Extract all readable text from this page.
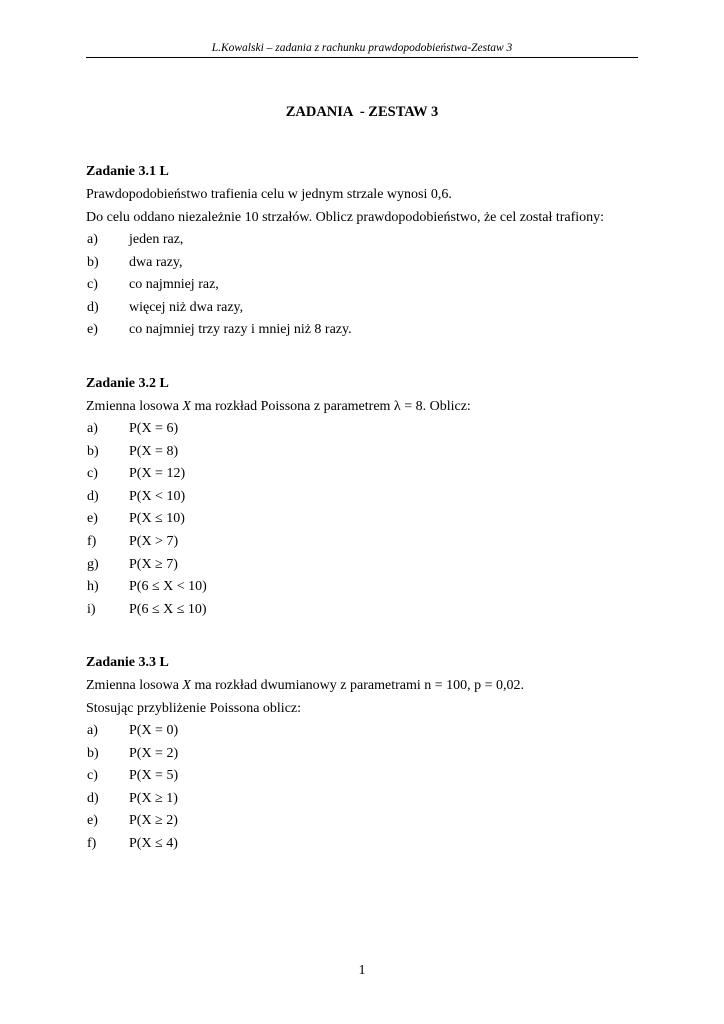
L.Kowalski – zadania z rachunku prawdopodobieństwa-Zestaw 3
ZADANIA  - ZESTAW 3
Zadanie 3.1 L
Prawdopodobieństwo trafienia celu w jednym strzale wynosi 0,6.
Do celu oddano niezależnie 10 strzałów. Oblicz prawdopodobieństwo, że cel został trafiony:
a) jeden raz,
b) dwa razy,
c) co najmniej raz,
d) więcej niż dwa razy,
e) co najmniej trzy razy i mniej niż 8 razy.
Zadanie 3.2 L
Zmienna losowa X ma rozkład Poissona z parametrem λ = 8. Oblicz:
a) P(X = 6)
b) P(X = 8)
c) P(X = 12)
d) P(X < 10)
e) P(X ≤ 10)
f) P(X > 7)
g) P(X ≥ 7)
h) P(6 ≤ X < 10)
i) P(6 ≤ X ≤ 10)
Zadanie 3.3 L
Zmienna losowa X ma rozkład dwumianowy z parametrami n = 100, p = 0,02.
Stosując przybliżenie Poissona oblicz:
a) P(X = 0)
b) P(X = 2)
c) P(X = 5)
d) P(X ≥ 1)
e) P(X ≥ 2)
f) P(X ≤ 4)
1
